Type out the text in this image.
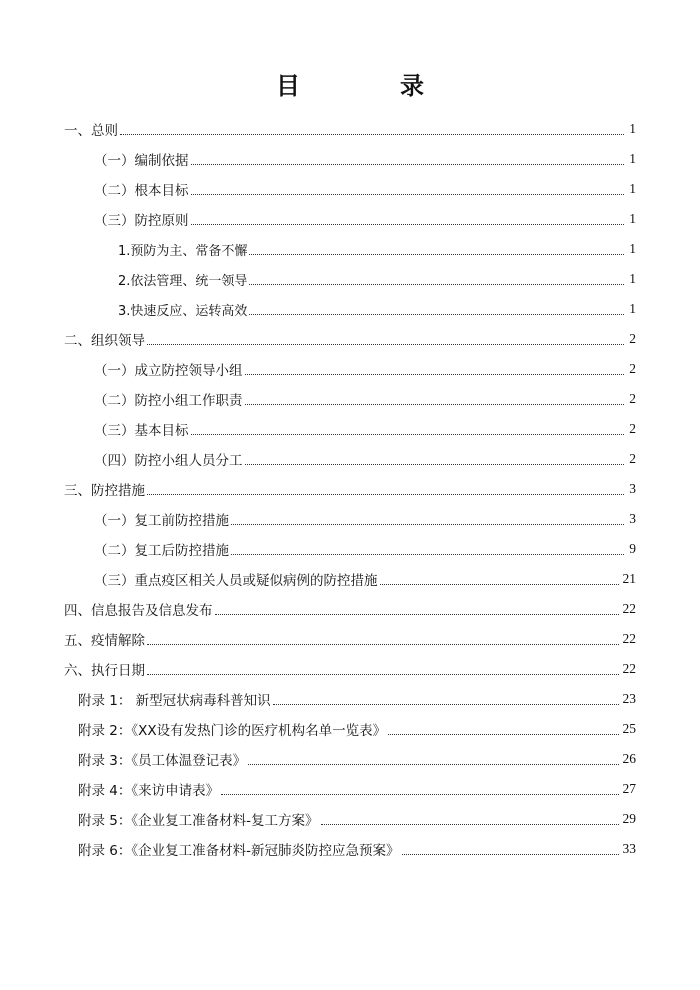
目　录
一、总则	1
（一）编制依据	1
（二）根本目标	1
（三）防控原则	1
1.预防为主、常备不懈	1
2.依法管理、统一领导	1
3.快速反应、运转高效	1
二、组织领导	2
（一）成立防控领导小组	2
（二）防控小组工作职责	2
（三）基本目标	2
（四）防控小组人员分工	2
三、防控措施	3
（一）复工前防控措施	3
（二）复工后防控措施	9
（三）重点疫区相关人员或疑似病例的防控措施	21
四、信息报告及信息发布	22
五、疫情解除	22
六、执行日期	22
附录 1： 新型冠状病毒科普知识	23
附录 2：《XX设有发热门诊的医疗机构名单一览表》	25
附录 3：《员工体温登记表》	26
附录 4：《来访申请表》	27
附录 5：《企业复工准备材料-复工方案》	29
附录 6：《企业复工准备材料-新冠肺炎防控应急预案》	33
